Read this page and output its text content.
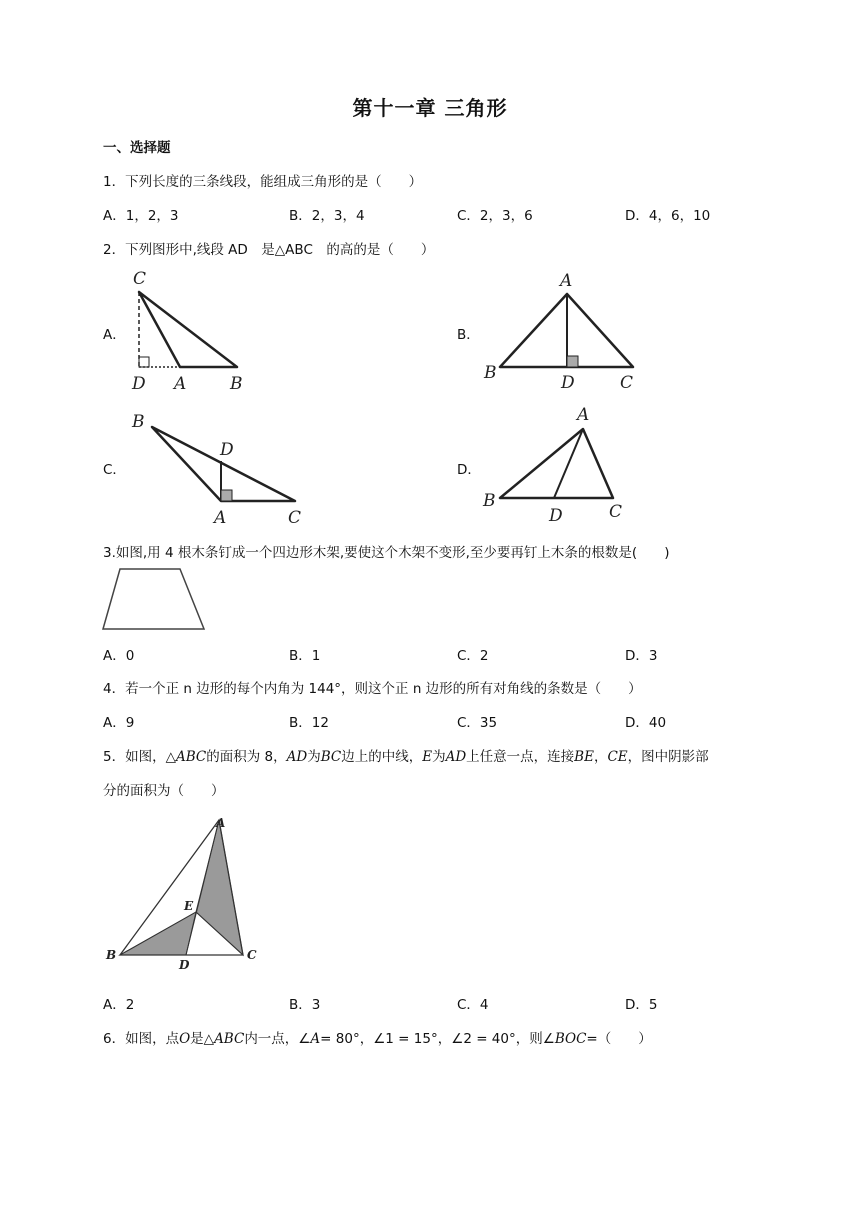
第十一章 三角形
一、选择题
1．下列长度的三条线段，能组成三角形的是（　　）
A．1，2，3	B．2，3，4	C．2，3，6	D．4，6，10
2．下列图形中,线段 AD　是△ABC　的高的是（　　）
A．	B．
C．	D．
C
D A	B
A
B	D	C
B
D
A	C
A
B
D	C
3.如图,用 4 根木条钉成一个四边形木架,要使这个木架不变形,至少要再钉上木条的根数是(　　)
A．0	B．1	C．2	D．3
4．若一个正 n 边形的每个内角为 144°，则这个正 n 边形的所有对角线的条数是（　　）
A．9	B．12	C．35	D．40
5．如图，△ABC的面积为 8，AD为BC边上的中线，E为AD上任意一点，连接BE，CE，图中阴影部
分的面积为（　　）
A
E
B
D
C
A．2	B．3	C．4	D．5
6．如图，点O是△ABC内一点，∠A= 80°，∠1 = 15°，∠2 = 40°，则∠BOC=（　　）
